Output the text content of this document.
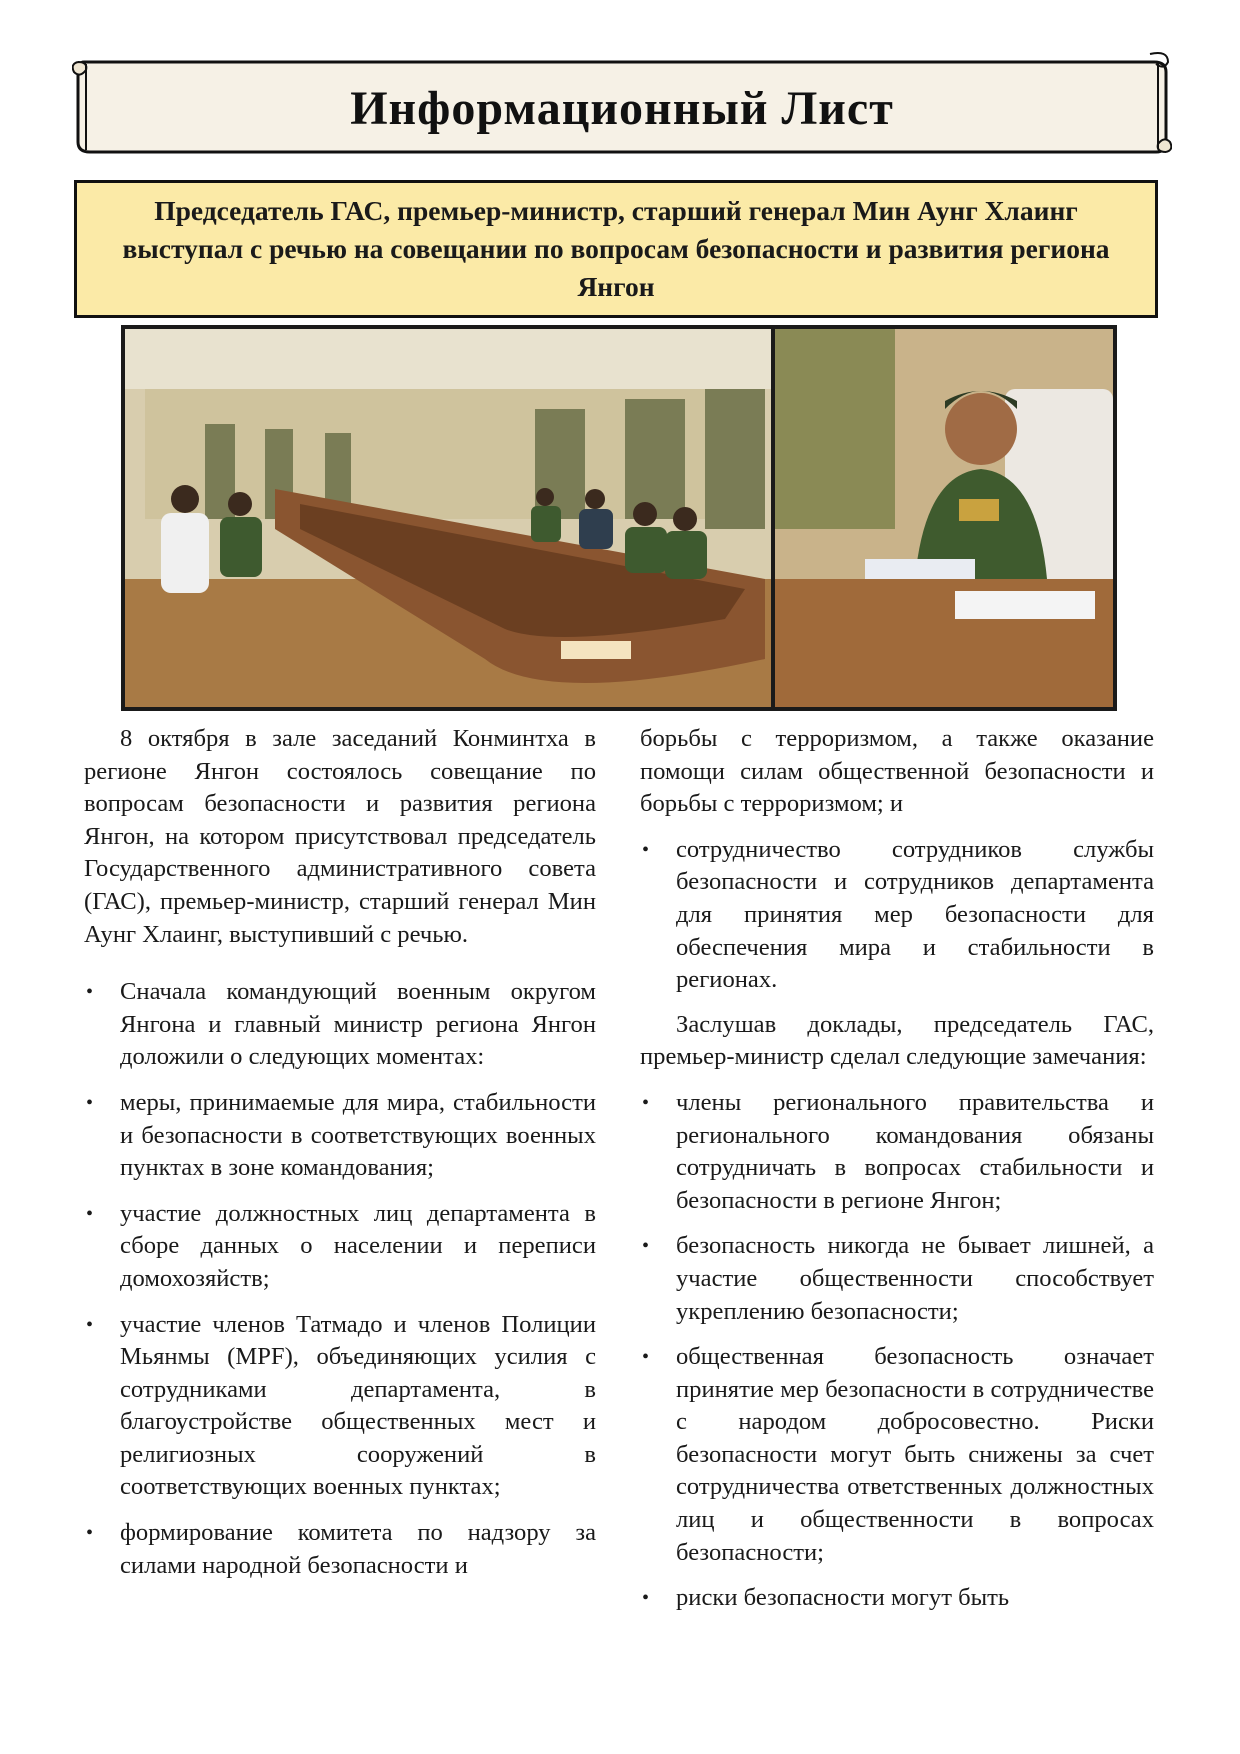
Информационный Лист
Председатель ГАС, премьер-министр, старший генерал Мин Аунг Хлаинг выступал с речью на совещании по вопросам безопасности и развития региона Янгон

8 октября в зале заседаний Конминтха в регионе Янгон состоялось совещание по вопросам безопасности и развития региона Янгон, на котором присутствовал председатель Государственного административного совета (ГАС), премьер-министр, старший генерал Мин Аунг Хлаинг, выступивший с речью.

• Сначала командующий военным округом Янгона и главный министр региона Янгон доложили о следующих моментах:
• меры, принимаемые для мира, стабильности и безопасности в соответствующих военных пунктах в зоне командования;
• участие должностных лиц департамента в сборе данных о населении и переписи домохозяйств;
• участие членов Татмадо и членов Полиции Мьянмы (MPF), объединяющих усилия с сотрудниками департамента, в благоустройстве общественных мест и религиозных сооружений в соответствующих военных пунктах;
• формирование комитета по надзору за силами народной безопасности и

борьбы с терроризмом, а также оказание помощи силам общественной безопасности и борьбы с терроризмом; и

• сотрудничество сотрудников службы безопасности и сотрудников департамента для принятия мер безопасности для обеспечения мира и стабильности в регионах.

Заслушав доклады, председатель ГАС, премьер-министр сделал следующие замечания:

• члены регионального правительства и регионального командования обязаны сотрудничать в вопросах стабильности и безопасности в регионе Янгон;
• безопасность никогда не бывает лишней, а участие общественности способствует укреплению безопасности;
• общественная безопасность означает принятие мер безопасности в сотрудничестве с народом добросовестно. Риски безопасности могут быть снижены за счет сотрудничества ответственных должностных лиц и общественности в вопросах безопасности;
• риски безопасности могут быть
